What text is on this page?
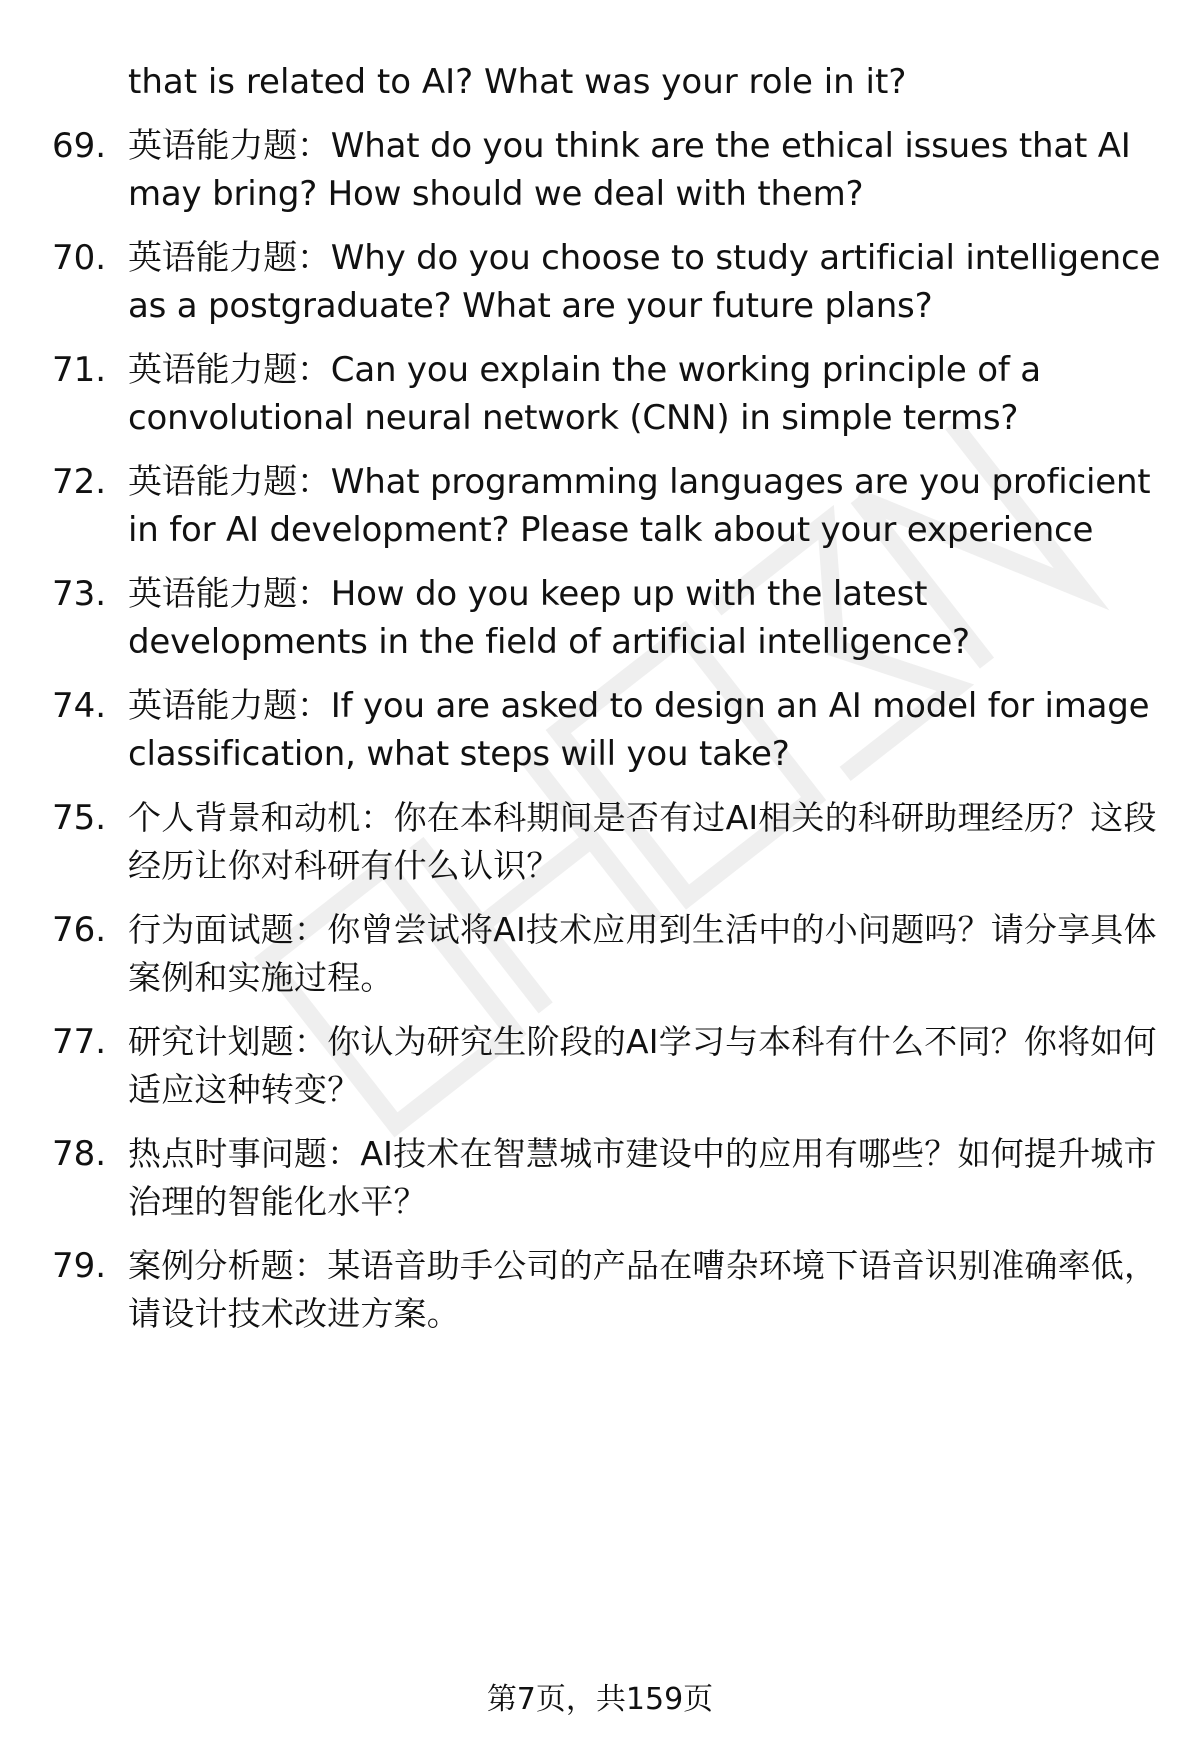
that is related to AI? What was your role in it?
69. 英语能力题：What do you think are the ethical issues that AI may bring? How should we deal with them?
70. 英语能力题：Why do you choose to study artificial intelligence as a postgraduate? What are your future plans?
71. 英语能力题：Can you explain the working principle of a convolutional neural network (CNN) in simple terms?
72. 英语能力题：What programming languages are you proficient in for AI development? Please talk about your experience
73. 英语能力题：How do you keep up with the latest developments in the field of artificial intelligence?
74. 英语能力题：If you are asked to design an AI model for image classification, what steps will you take?
75. 个人背景和动机：你在本科期间是否有过AI相关的科研助理经历？这段经历让你对科研有什么认识？
76. 行为面试题：你曾尝试将AI技术应用到生活中的小问题吗？请分享具体案例和实施过程。
77. 研究计划题：你认为研究生阶段的AI学习与本科有什么不同？你将如何适应这种转变？
78. 热点时事问题：AI技术在智慧城市建设中的应用有哪些？如何提升城市治理的智能化水平？
79. 案例分析题：某语音助手公司的产品在嘈杂环境下语音识别准确率低，请设计技术改进方案。
第7页，共159页
